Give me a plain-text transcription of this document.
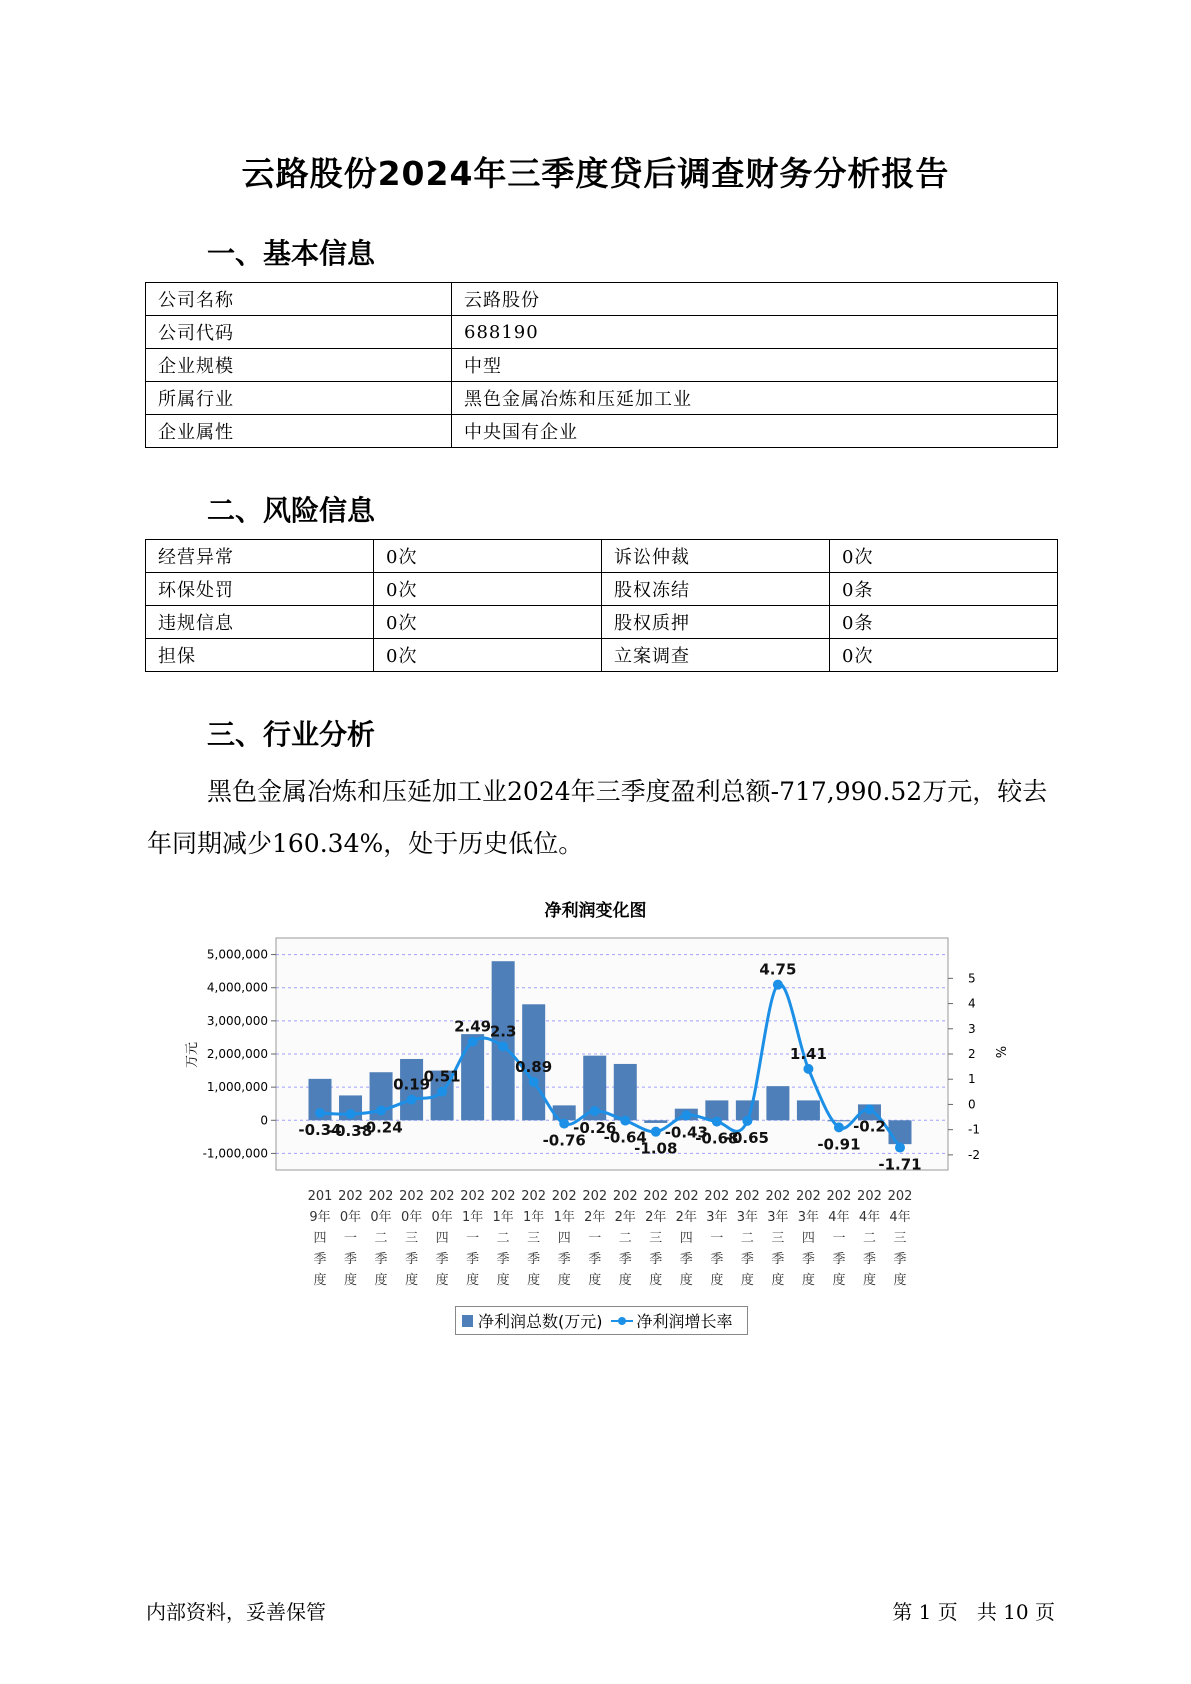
云路股份2024年三季度贷后调查财务分析报告
一、基本信息
公司名称	云路股份
公司代码	688190
企业规模	中型
所属行业	黑色金属冶炼和压延加工业
企业属性	中央国有企业
二、风险信息
经营异常	0次	诉讼仲裁	0次
环保处罚	0次	股权冻结	0条
违规信息	0次	股权质押	0条
担保	0次	立案调查	0次
三、行业分析
黑色金属冶炼和压延加工业2024年三季度盈利总额-717,990.52万元，较去年同期减少160.34%，处于历史低位。
净利润变化图
-0.34
-0.38
-0.24
0.19
0.51
2.49
2.3
0.89
-0.76
-0.26
-0.64
-1.08
-0.43
-0.68
-0.65
4.75
1.41
-0.91
-0.2
-1.71
5,000,000
4,000,000
3,000,000
2,000,000
1,000,000
0
-1,000,000
5
4
3
2
1
0
-1
-2
201
9年
四
季
度
202
0年
一
季
度
202
0年
二
季
度
202
0年
三
季
度
202
0年
四
季
度
202
1年
一
季
度
202
1年
二
季
度
202
1年
三
季
度
202
1年
四
季
度
202
2年
一
季
度
202
2年
二
季
度
202
2年
三
季
度
202
2年
四
季
度
202
3年
一
季
度
202
3年
二
季
度
202
3年
三
季
度
202
3年
四
季
度
202
4年
一
季
度
202
4年
二
季
度
202
4年
三
季
度
万元	%
净利润总数(万元) 净利润增长率
内部资料，妥善保管	第 1 页   共 10 页
